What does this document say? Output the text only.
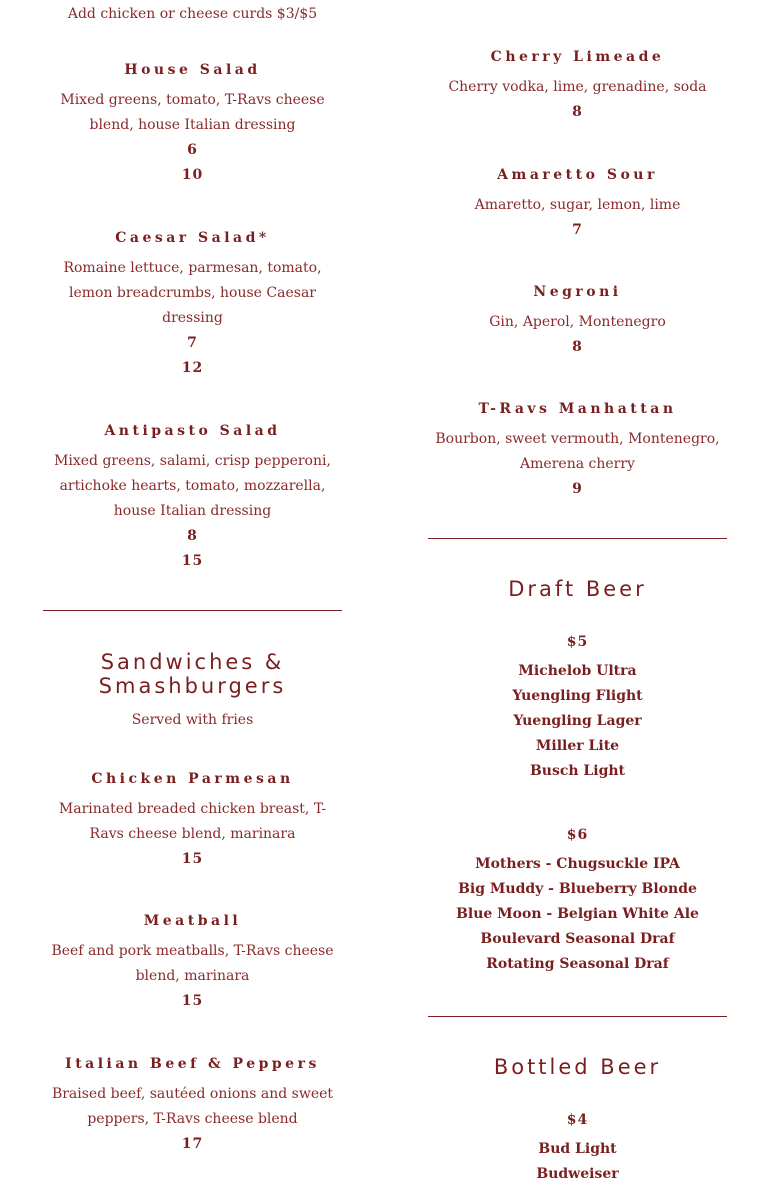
Add chicken or cheese curds $3/$5

House Salad

Mixed greens, tomato, T-Ravs cheese blend, house Italian dressing

6

10

Caesar Salad*

Romaine lettuce, parmesan, tomato, lemon breadcrumbs, house Caesar dressing

7

12

Antipasto Salad

Mixed greens, salami, crisp pepperoni, artichoke hearts, tomato, mozzarella, house Italian dressing

8

15

Sandwiches &

Smashburgers

Served with fries

Chicken Parmesan

Marinated breaded chicken breast, T-Ravs cheese blend, marinara

15

Meatball

Beef and pork meatballs, T-Ravs cheese blend, marinara

15

Italian Beef & Peppers

Braised beef, sautéed onions and sweet peppers, T-Ravs cheese blend

17

Cherry Limeade

Cherry vodka, lime, grenadine, soda

8

Amaretto Sour

Amaretto, sugar, lemon, lime

7

Negroni

Gin, Aperol, Montenegro

8

T-Ravs Manhattan

Bourbon, sweet vermouth, Montenegro, Amerena cherry

9

Draft Beer

$5

Michelob Ultra

Yuengling Flight

Yuengling Lager

Miller Lite

Busch Light

$6

Mothers - Chugsuckle IPA

Big Muddy - Blueberry Blonde

Blue Moon - Belgian White Ale

Boulevard Seasonal Draf

Rotating Seasonal Draf

Bottled Beer

$4

Bud Light

Budweiser
